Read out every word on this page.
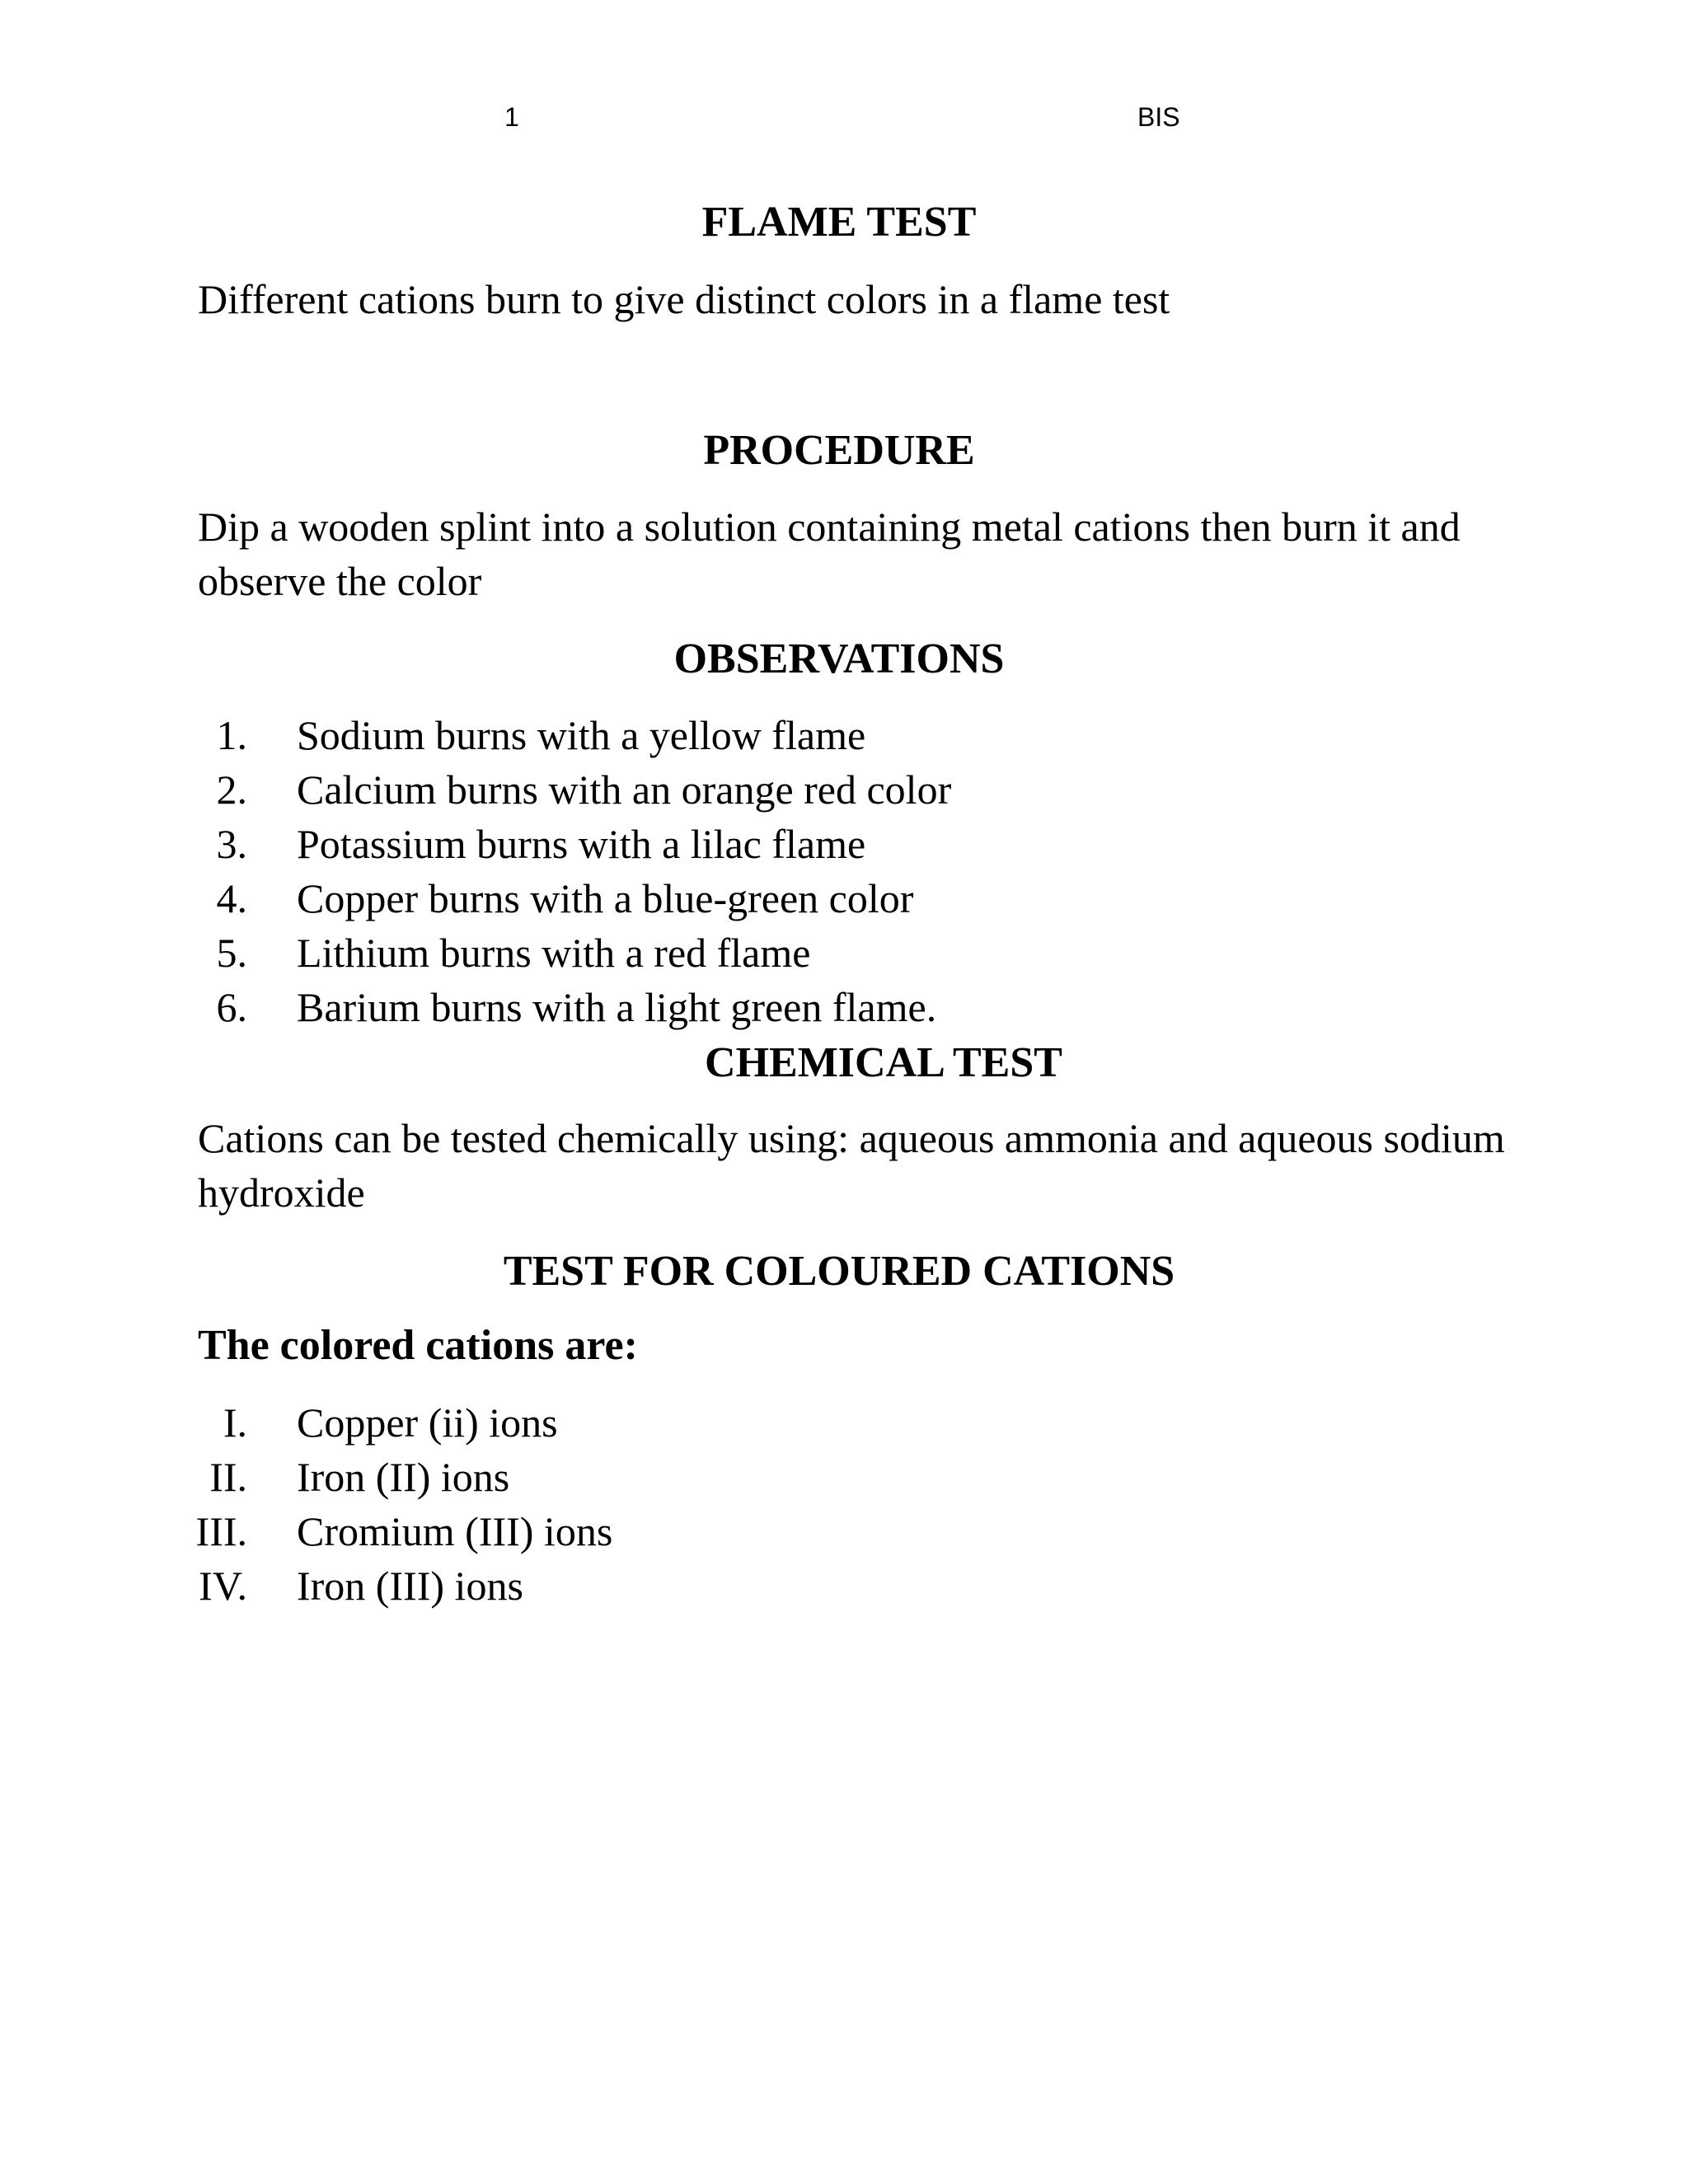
1	BIS
FLAME TEST
Different cations burn to give distinct colors in a flame test
PROCEDURE
Dip a wooden splint into a solution containing metal cations then burn it and observe the color
OBSERVATIONS
1. Sodium burns with a yellow flame
2. Calcium burns with an orange red color
3. Potassium burns with a lilac flame
4. Copper burns with a blue-green color
5. Lithium burns with a red flame
6. Barium burns with a light green flame.
CHEMICAL TEST
Cations can be tested chemically using: aqueous ammonia and aqueous sodium hydroxide
TEST FOR COLOURED CATIONS
The colored cations are:
I. Copper (ii) ions
II. Iron (II) ions
III. Cromium (III) ions
IV. Iron (III) ions
